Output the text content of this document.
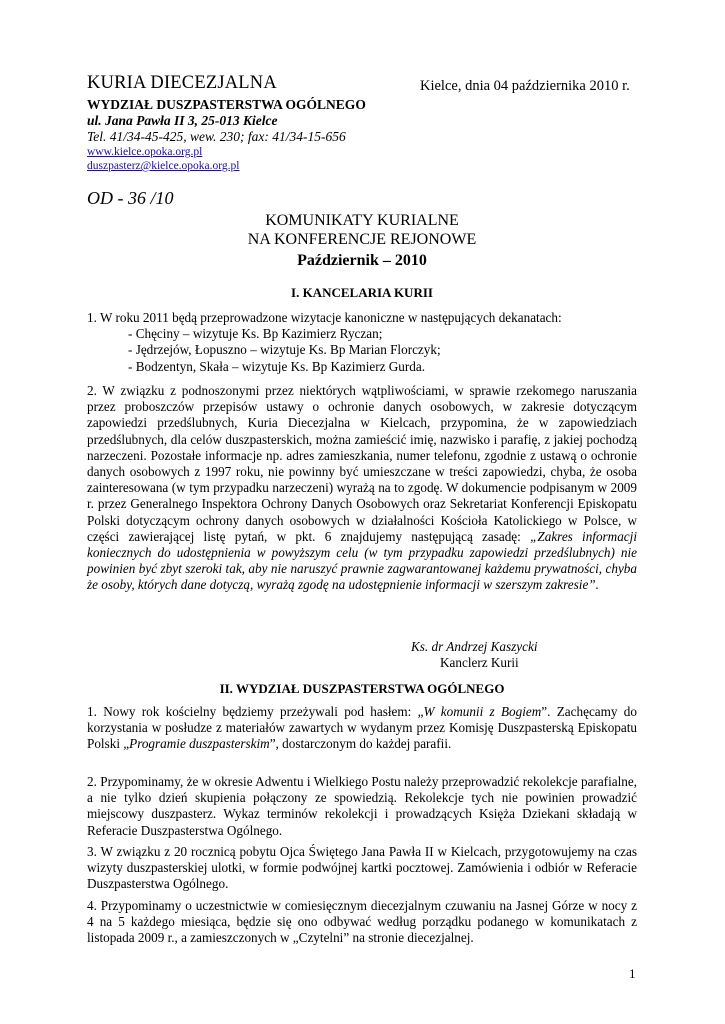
KURIA DIECEZJALNA	Kielce, dnia 04 października 2010 r.
WYDZIAŁ DUSZPASTERSTWA OGÓLNEGO
ul. Jana Pawła II 3, 25-013 Kielce
Tel. 41/34-45-425, wew. 230; fax: 41/34-15-656
www.kielce.opoka.org.pl
duszpasterz@kielce.opoka.org.pl
OD - 36 /10
KOMUNIKATY KURIALNE
NA KONFERENCJE REJONOWE
Październik – 2010
I. KANCELARIA KURII
1. W roku 2011 będą przeprowadzone wizytacje kanoniczne w następujących dekanatach:
- Chęciny – wizytuje Ks. Bp Kazimierz Ryczan;
- Jędrzejów, Łopuszno – wizytuje Ks. Bp Marian Florczyk;
- Bodzentyn, Skała – wizytuje Ks. Bp Kazimierz Gurda.
2. W związku z podnoszonymi przez niektórych wątpliwościami, w sprawie rzekomego naruszania przez proboszczów przepisów ustawy o ochronie danych osobowych, w zakresie dotyczącym zapowiedzi przedślubnych, Kuria Diecezjalna w Kielcach, przypomina, że w zapowiedziach przedślubnych, dla celów duszpasterskich, można zamieścić imię, nazwisko i parafię, z jakiej pochodzą narzeczeni. Pozostałe informacje np. adres zamieszkania, numer telefonu, zgodnie z ustawą o ochronie danych osobowych z 1997 roku, nie powinny być umieszczane w treści zapowiedzi, chyba, że osoba zainteresowana (w tym przypadku narzeczeni) wyrażą na to zgodę. W dokumencie podpisanym w 2009 r. przez Generalnego Inspektora Ochrony Danych Osobowych oraz Sekretariat Konferencji Episkopatu Polski dotyczącym ochrony danych osobowych w działalności Kościoła Katolickiego w Polsce, w części zawierającej listę pytań, w pkt. 6 znajdujemy następującą zasadę: „Zakres informacji koniecznych do udostępnienia w powyższym celu (w tym przypadku zapowiedzi przedślubnych) nie powinien być zbyt szeroki tak, aby nie naruszyć prawnie zagwarantowanej każdemu prywatności, chyba że osoby, których dane dotyczą, wyrażą zgodę na udostępnienie informacji w szerszym zakresie”.
Ks. dr Andrzej Kaszycki
Kanclerz Kurii
II. WYDZIAŁ DUSZPASTERSTWA OGÓLNEGO
1. Nowy rok kościelny będziemy przeżywali pod hasłem: „W komunii z Bogiem”. Zachęcamy do korzystania w posłudze z materiałów zawartych w wydanym przez Komisję Duszpasterską Episkopatu Polski „Programie duszpasterskim”, dostarczonym do każdej parafii.
2. Przypominamy, że w okresie Adwentu i Wielkiego Postu należy przeprowadzić rekolekcje parafialne, a nie tylko dzień skupienia połączony ze spowiedzią. Rekolekcje tych nie powinien prowadzić miejscowy duszpasterz. Wykaz terminów rekolekcji i prowadzących Księża Dziekani składają w Referacie Duszpasterstwa Ogólnego.
3. W związku z 20 rocznicą pobytu Ojca Świętego Jana Pawła II w Kielcach, przygotowujemy na czas wizyty duszpasterskiej ulotki, w formie podwójnej kartki pocztowej. Zamówienia i odbiór w Referacie Duszpasterstwa Ogólnego.
4. Przypominamy o uczestnictwie w comiesięcznym diecezjalnym czuwaniu na Jasnej Górze w nocy z 4 na 5 każdego miesiąca, będzie się ono odbywać według porządku podanego w komunikatach z listopada 2009 r., a zamieszczonych w „Czytelni” na stronie diecezjalnej.
1
